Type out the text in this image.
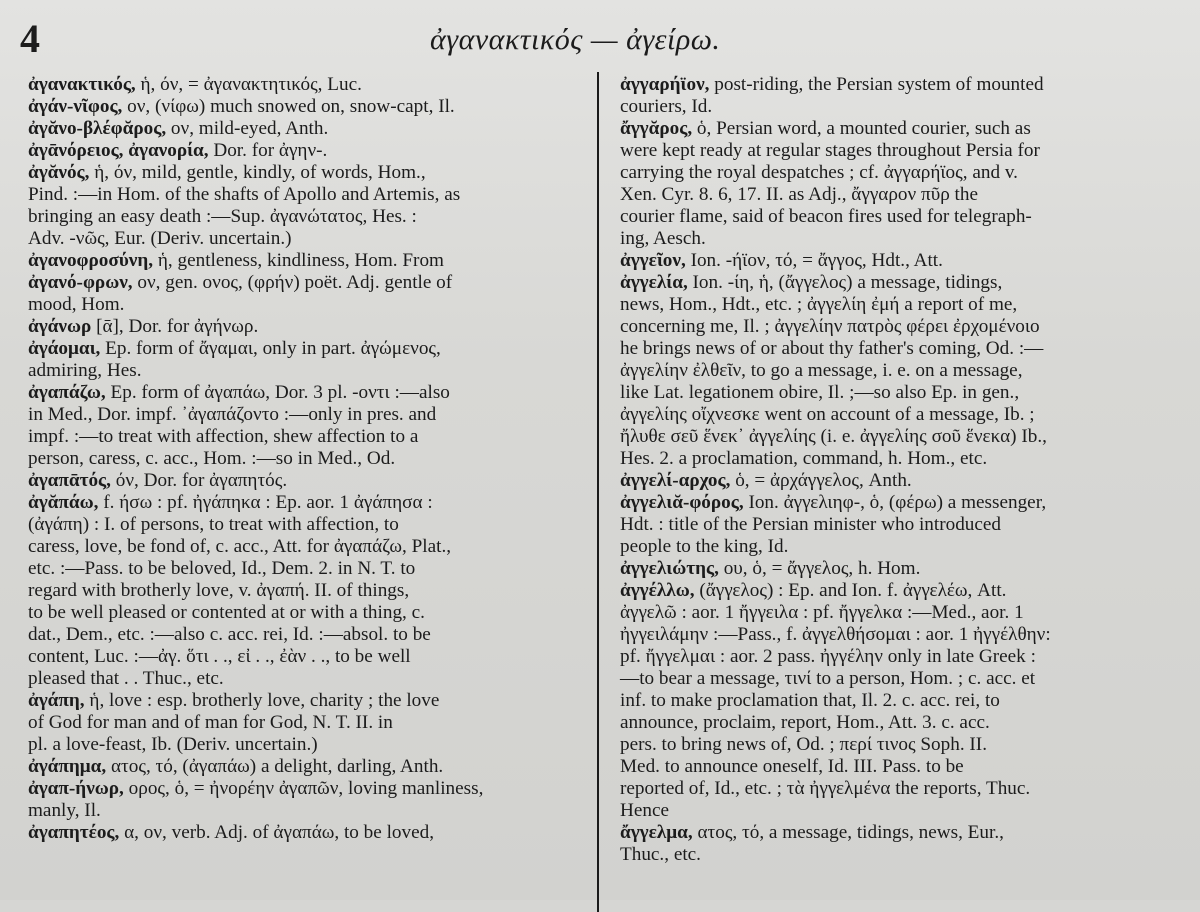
4	ἀγανακτικός — ἀγείρω.

ἀγανακτικός, ἡ, όν, = ἀγανακτητικός, Luc.

ἀγάν-νῖφος, ον, (νίφω) much snowed on, snow-capt, Il.

ἀγᾰνο-βλέφᾰρος, ον, mild-eyed, Anth.

ἀγᾱνόρειος, ἀγανορία, Dor. for ἀγην-.

ἀγᾰνός, ἡ, όν, mild, gentle, kindly, of words, Hom.,
Pind. :—in Hom. of the shafts of Apollo and Artemis, as
bringing an easy death :—Sup. ἀγανώτατος, Hes. :
Adv. -νῶς, Eur. (Deriv. uncertain.)

ἀγανοφροσύνη, ἡ, gentleness, kindliness, Hom. From

ἀγανό-φρων, ον, gen. ονος, (φρήν) poët. Adj. gentle of
mood, Hom.

ἀγάνωρ [ᾱ], Dor. for ἀγήνωρ.

ἀγάομαι, Ep. form of ἄγαμαι, only in part. ἀγώμενος,
admiring, Hes.

ἀγαπάζω, Ep. form of ἀγαπάω, Dor. 3 pl. -οντι :—also
in Med., Dor. impf. ᾽ἀγαπάζοντο :—only in pres. and
impf. :—to treat with affection, shew affection to a
person, caress, c. acc., Hom. :—so in Med., Od.

ἀγαπᾱτός, όν, Dor. for ἀγαπητός.

ἀγᾰπάω, f. ήσω : pf. ἠγάπηκα : Ep. aor. 1 ἀγάπησα :
(ἀγάπη) : I. of persons, to treat with affection, to
caress, love, be fond of, c. acc., Att. for ἀγαπάζω, Plat.,
etc. :—Pass. to be beloved, Id., Dem. 2. in N. T. to
regard with brotherly love, v. ἀγαπή. II. of things,
to be well pleased or contented at or with a thing, c.
dat., Dem., etc. :—also c. acc. rei, Id. :—absol. to be
content, Luc. :—ἀγ. ὅτι . ., εἰ . ., ἐὰν . ., to be well
pleased that . . Thuc., etc.

ἀγάπη, ἡ, love : esp. brotherly love, charity ; the love
of God for man and of man for God, N. T. II. in
pl. a love-feast, Ib. (Deriv. uncertain.)

ἀγάπημα, ατος, τό, (ἀγαπάω) a delight, darling, Anth.

ἀγαπ-ήνωρ, ορος, ὁ, = ἠνορέην ἀγαπῶν, loving manliness,
manly, Il.

ἀγαπητέος, α, ον, verb. Adj. of ἀγαπάω, to be loved,

ἀγγαρήϊον, post-riding, the Persian system of mounted
couriers, Id.

ἄγγᾰρος, ὁ, Persian word, a mounted courier, such as
were kept ready at regular stages throughout Persia for
carrying the royal despatches ; cf. ἀγγαρήϊος, and v.
Xen. Cyr. 8. 6, 17. II. as Adj., ἄγγαρον πῦρ the
courier flame, said of beacon fires used for telegraph-
ing, Aesch.

ἀγγεῖον, Ion. -ήϊον, τό, = ἄγγος, Hdt., Att.

ἀγγελία, Ion. -ίη, ἡ, (ἄγγελος) a message, tidings,
news, Hom., Hdt., etc. ; ἀγγελίη ἐμή a report of me,
concerning me, Il. ; ἀγγελίην πατρὸς φέρει ἐρχομένοιο
he brings news of or about thy father's coming, Od. :—
ἀγγελίην ἐλθεῖν, to go a message, i. e. on a message,
like Lat. legationem obire, Il. ;—so also Ep. in gen.,
ἀγγελίης οἴχνεσκε went on account of a message, Ib. ;
ἤλυθε σεῦ ἕνεκ᾽ ἀγγελίης (i. e. ἀγγελίης σοῦ ἕνεκα) Ib.,
Hes. 2. a proclamation, command, h. Hom., etc.

ἀγγελί-αρχος, ὁ, = ἀρχάγγελος, Anth.

ἀγγελιᾰ-φόρος, Ion. ἀγγελιηφ-, ὁ, (φέρω) a messenger,
Hdt. : title of the Persian minister who introduced
people to the king, Id.

ἀγγελιώτης, ου, ὁ, = ἄγγελος, h. Hom.

ἀγγέλλω, (ἄγγελος) : Ep. and Ion. f. ἀγγελέω, Att.
ἀγγελῶ : aor. 1 ἤγγειλα : pf. ἤγγελκα :—Med., aor. 1
ἠγγειλάμην :—Pass., f. ἀγγελθήσομαι : aor. 1 ἠγγέλθην:
pf. ἤγγελμαι : aor. 2 pass. ἠγγέλην only in late Greek :
—to bear a message, τινί to a person, Hom. ; c. acc. et
inf. to make proclamation that, Il. 2. c. acc. rei, to
announce, proclaim, report, Hom., Att. 3. c. acc.
pers. to bring news of, Od. ; περί τινος Soph. II.
Med. to announce oneself, Id. III. Pass. to be
reported of, Id., etc. ; τὰ ἠγγελμένα the reports, Thuc.
Hence

ἄγγελμα, ατος, τό, a message, tidings, news, Eur.,
Thuc., etc.
